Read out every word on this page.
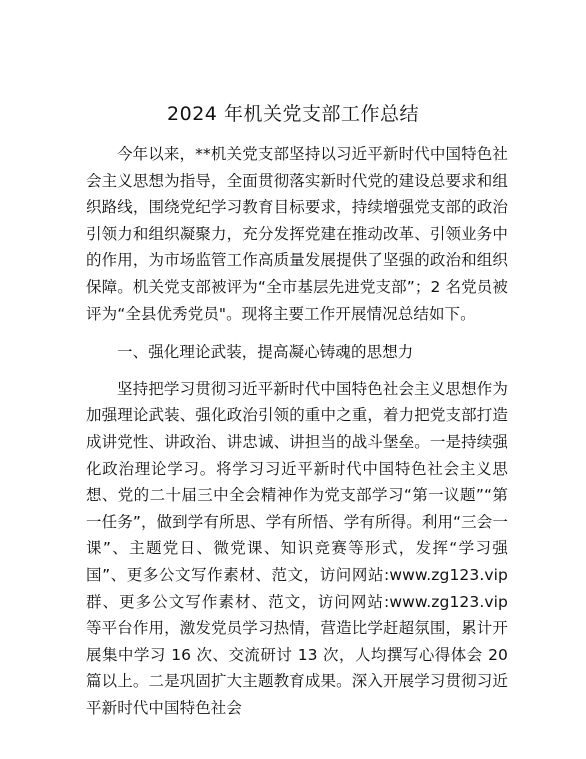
2024 年机关党支部工作总结

今年以来，**机关党支部坚持以习近平新时代中国特色社会主义思想为指导，全面贯彻落实新时代党的建设总要求和组织路线，围绕党纪学习教育目标要求，持续增强党支部的政治引领力和组织凝聚力，充分发挥党建在推动改革、引领业务中的作用，为市场监管工作高质量发展提供了坚强的政治和组织保障。机关党支部被评为“全市基层先进党支部”；2 名党员被评为“全县优秀党员"。现将主要工作开展情况总结如下。

一、强化理论武装，提高凝心铸魂的思想力

坚持把学习贯彻习近平新时代中国特色社会主义思想作为加强理论武装、强化政治引领的重中之重，着力把党支部打造成讲党性、讲政治、讲忠诚、讲担当的战斗堡垒。一是持续强化政治理论学习。将学习习近平新时代中国特色社会主义思想、党的二十届三中全会精神作为党支部学习“第一议题”“第一任务”，做到学有所思、学有所悟、学有所得。利用“三会一课”、主题党日、微党课、知识竞赛等形式，发挥“学习强国”、更多公文写作素材、范文，访问网站:www.zg123.vip 群、更多公文写作素材、范文，访问网站:www.zg123.vip 等平台作用，激发党员学习热情，营造比学赶超氛围，累计开展集中学习 16 次、交流研讨 13 次，人均撰写心得体会 20 篇以上。二是巩固扩大主题教育成果。深入开展学习贯彻习近平新时代中国特色社会
